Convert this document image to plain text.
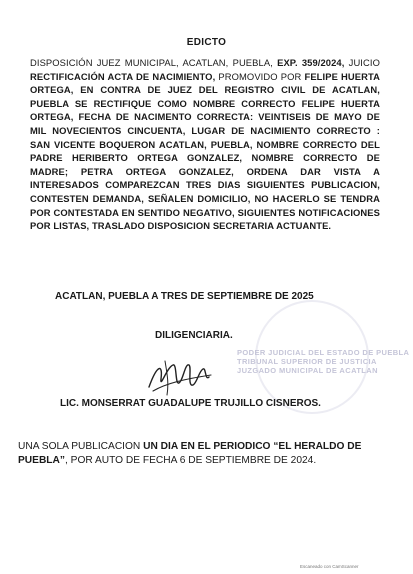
EDICTO
DISPOSICIÓN JUEZ MUNICIPAL, ACATLAN, PUEBLA, EXP. 359/2024, JUICIO RECTIFICACIÓN ACTA DE NACIMIENTO, PROMOVIDO POR FELIPE HUERTA ORTEGA, EN CONTRA DE JUEZ DEL REGISTRO CIVIL DE ACATLAN, PUEBLA SE RECTIFIQUE COMO NOMBRE CORRECTO FELIPE HUERTA ORTEGA, FECHA DE NACIMENTO CORRECTA: VEINTISEIS DE MAYO DE MIL NOVECIENTOS CINCUENTA, LUGAR DE NACIMIENTO CORRECTO : SAN VICENTE BOQUERON ACATLAN, PUEBLA, NOMBRE CORRECTO DEL PADRE HERIBERTO ORTEGA GONZALEZ, NOMBRE CORRECTO DE MADRE; PETRA ORTEGA GONZALEZ, ORDENA DAR VISTA A INTERESADOS COMPAREZCAN TRES DIAS SIGUIENTES PUBLICACION, CONTESTEN DEMANDA, SEÑALEN DOMICILIO, NO HACERLO SE TENDRA POR CONTESTADA EN SENTIDO NEGATIVO, SIGUIENTES NOTIFICACIONES POR LISTAS, TRASLADO DISPOSICION SECRETARIA ACTUANTE.
ACATLAN, PUEBLA A TRES DE SEPTIEMBRE DE 2025
PODER JUDICIAL DEL ESTADO DE PUEBLA
TRIBUNAL SUPERIOR DE JUSTICIA
JUZGADO MUNICIPAL DE ACATLAN
DILIGENCIARIA.
LIC. MONSERRAT GUADALUPE TRUJILLO CISNEROS.
UNA SOLA PUBLICACION UN DIA EN EL PERIODICO “EL HERALDO DE PUEBLA”, POR AUTO DE FECHA 6 DE SEPTIEMBRE DE 2024.
Escaneado con CamScanner
